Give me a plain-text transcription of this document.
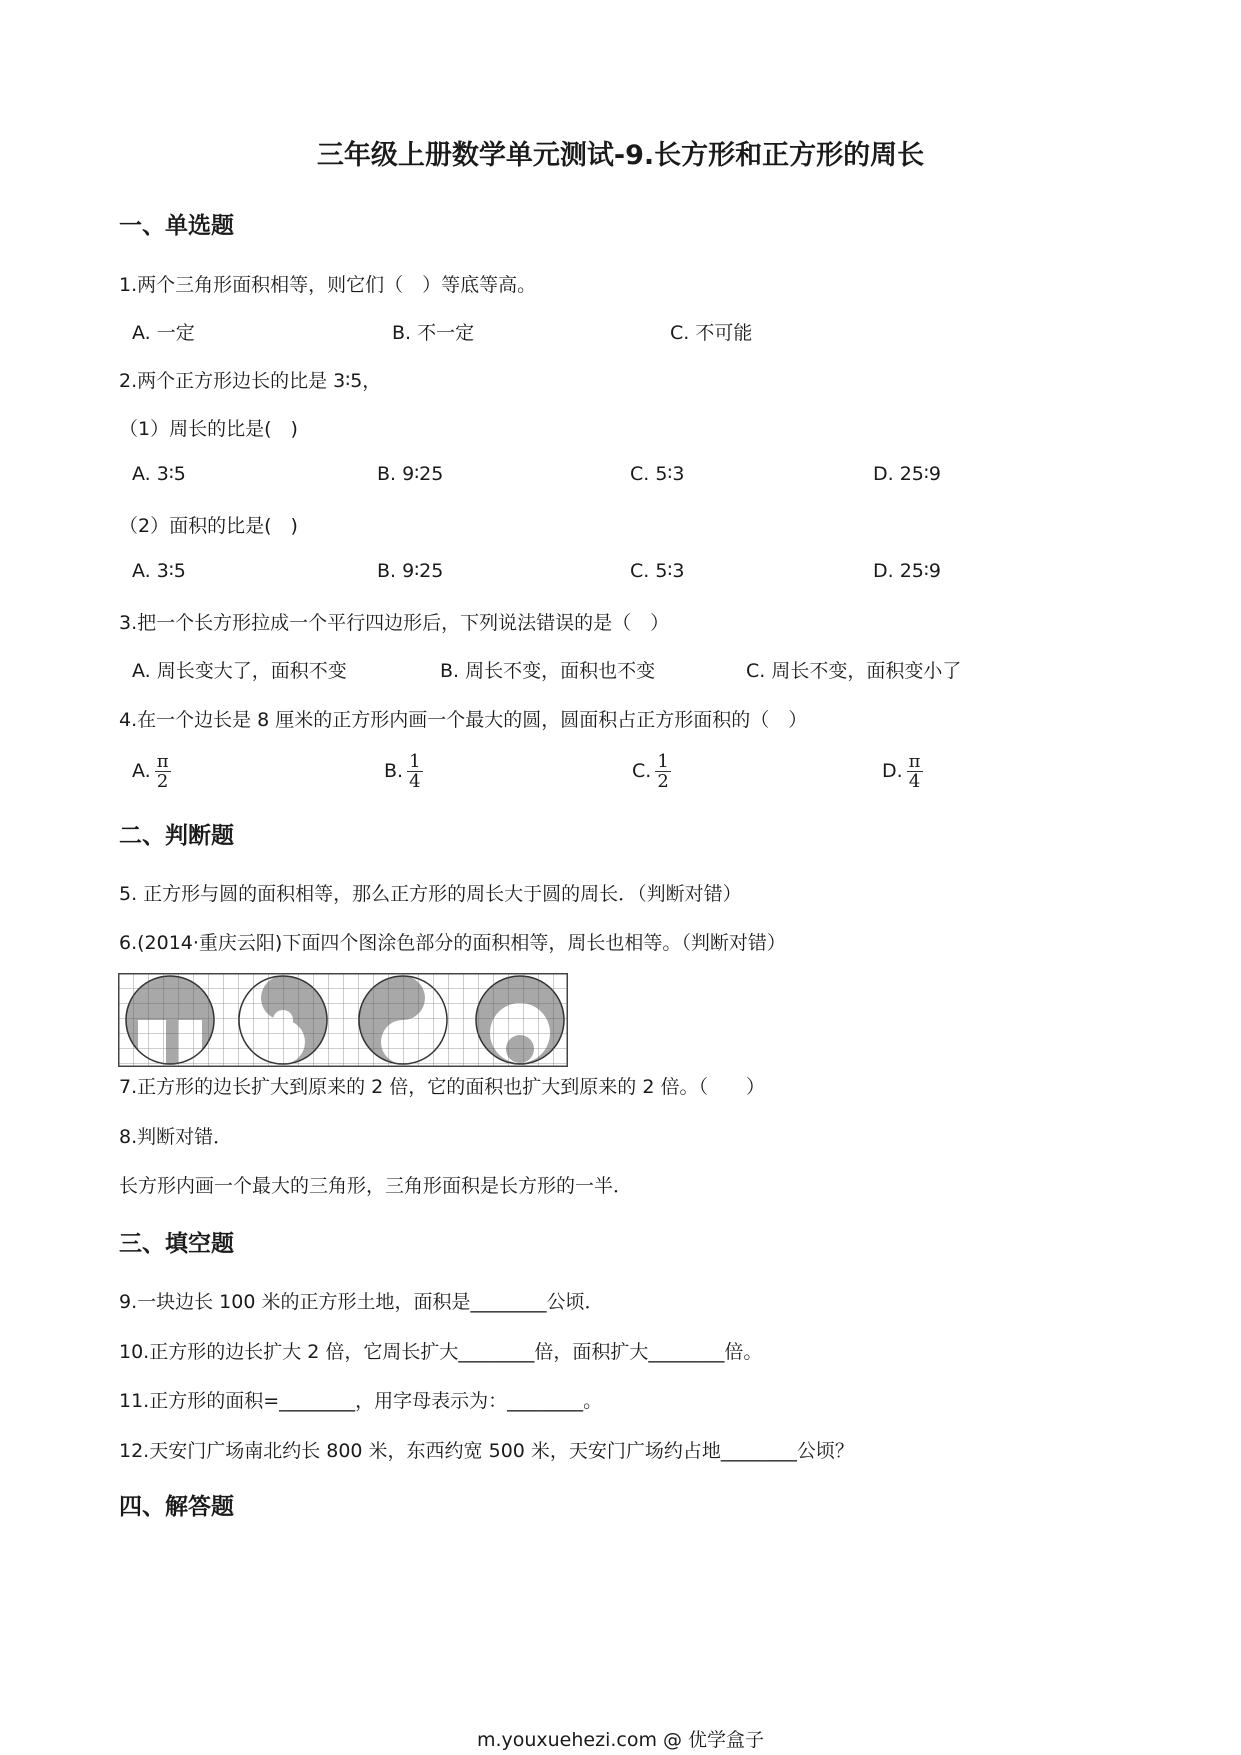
三年级上册数学单元测试-9.长方形和正方形的周长
一、单选题
1.两个三角形面积相等，则它们（　）等底等高。
A. 一定	B. 不一定	C. 不可能
2.两个正方形边长的比是 3∶5，
（1）周长的比是(　)
A. 3∶5	B. 9∶25	C. 5∶3	D. 25∶9
（2）面积的比是(　)
A. 3∶5	B. 9∶25	C. 5∶3	D. 25∶9
3.把一个长方形拉成一个平行四边形后，下列说法错误的是（　）
A. 周长变大了，面积不变	B. 周长不变，面积也不变	C. 周长不变，面积变小了
4.在一个边长是 8 厘米的正方形内画一个最大的圆，圆面积占正方形面积的（　）
A. $\frac{\pi}{2}$	B. $\frac{1}{4}$	C. $\frac{1}{2}$	D. $\frac{\pi}{4}$
二、判断题
5. 正方形与圆的面积相等，那么正方形的周长大于圆的周长．（判断对错）
6.(2014·重庆云阳)下面四个图涂色部分的面积相等，周长也相等。（判断对错）
7.正方形的边长扩大到原来的 2 倍，它的面积也扩大到原来的 2 倍。（　　）
8.判断对错．
长方形内画一个最大的三角形，三角形面积是长方形的一半．
三、填空题
9.一块边长 100 米的正方形土地，面积是________公顷．
10.正方形的边长扩大 2 倍，它周长扩大________倍，面积扩大________倍。
11.正方形的面积=________，用字母表示为：________。
12.天安门广场南北约长 800 米，东西约宽 500 米，天安门广场约占地________公顷？
四、解答题
m.youxuehezi.com @ 优学盒子
